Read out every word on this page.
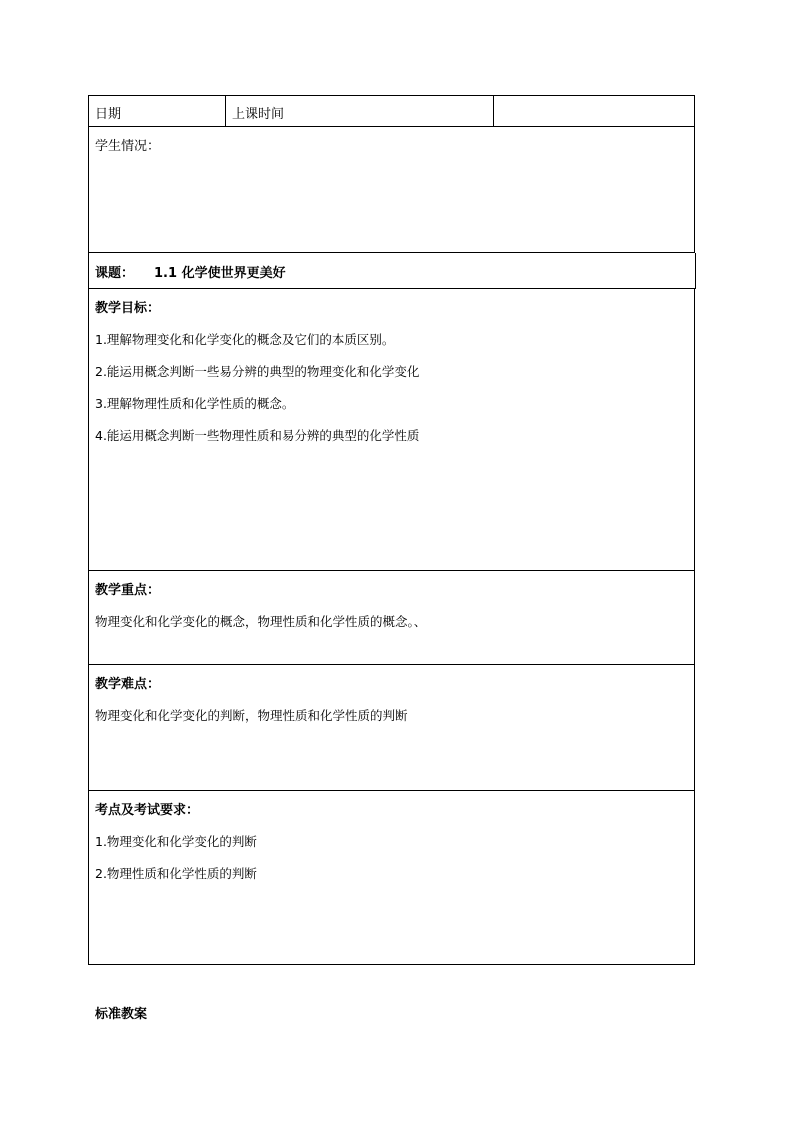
日期	上课时间
学生情况：
课题： 1.1 化学使世界更美好
教学目标：
1.理解物理变化和化学变化的概念及它们的本质区别。
2.能运用概念判断一些易分辨的典型的物理变化和化学变化
3.理解物理性质和化学性质的概念。
4.能运用概念判断一些物理性质和易分辨的典型的化学性质
教学重点：
物理变化和化学变化的概念，物理性质和化学性质的概念。、
教学难点：
物理变化和化学变化的判断，物理性质和化学性质的判断
考点及考试要求：
1.物理变化和化学变化的判断
2.物理性质和化学性质的判断
标准教案
